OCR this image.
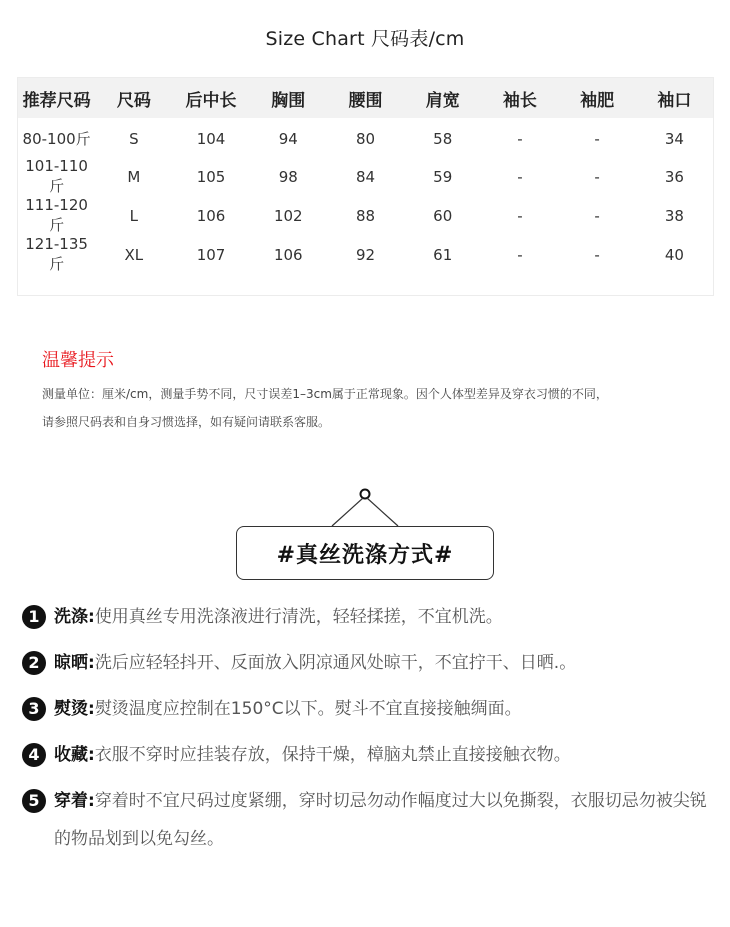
Size Chart 尺码表/cm
推荐尺码	尺码	后中长	胸围	腰围	肩宽	袖长	袖肥	袖口
80-100斤	S	104	94	80	58	-	-	34
101-110斤	M	105	98	84	59	-	-	36
111-120斤	L	106	102	88	60	-	-	38
121-135斤	XL	107	106	92	61	-	-	40
温馨提示
测量单位：厘米/cm，测量手势不同，尺寸误差1–3cm属于正常现象。因个人体型差异及穿衣习惯的不同，
请参照尺码表和自身习惯选择，如有疑问请联系客服。
#真丝洗涤方式#
1 洗涤:使用真丝专用洗涤液进行清洗，轻轻揉搓，不宜机洗。
2 晾晒:洗后应轻轻抖开、反面放入阴凉通风处晾干，不宜拧干、日晒.。
3 熨烫:熨烫温度应控制在150°C以下。熨斗不宜直接接触绸面。
4 收藏:衣服不穿时应挂装存放，保持干燥，樟脑丸禁止直接接触衣物。
5 穿着:穿着时不宜尺码过度紧绷，穿时切忌勿动作幅度过大以免撕裂，衣服切忌勿被尖锐的物品划到以免勾丝。
